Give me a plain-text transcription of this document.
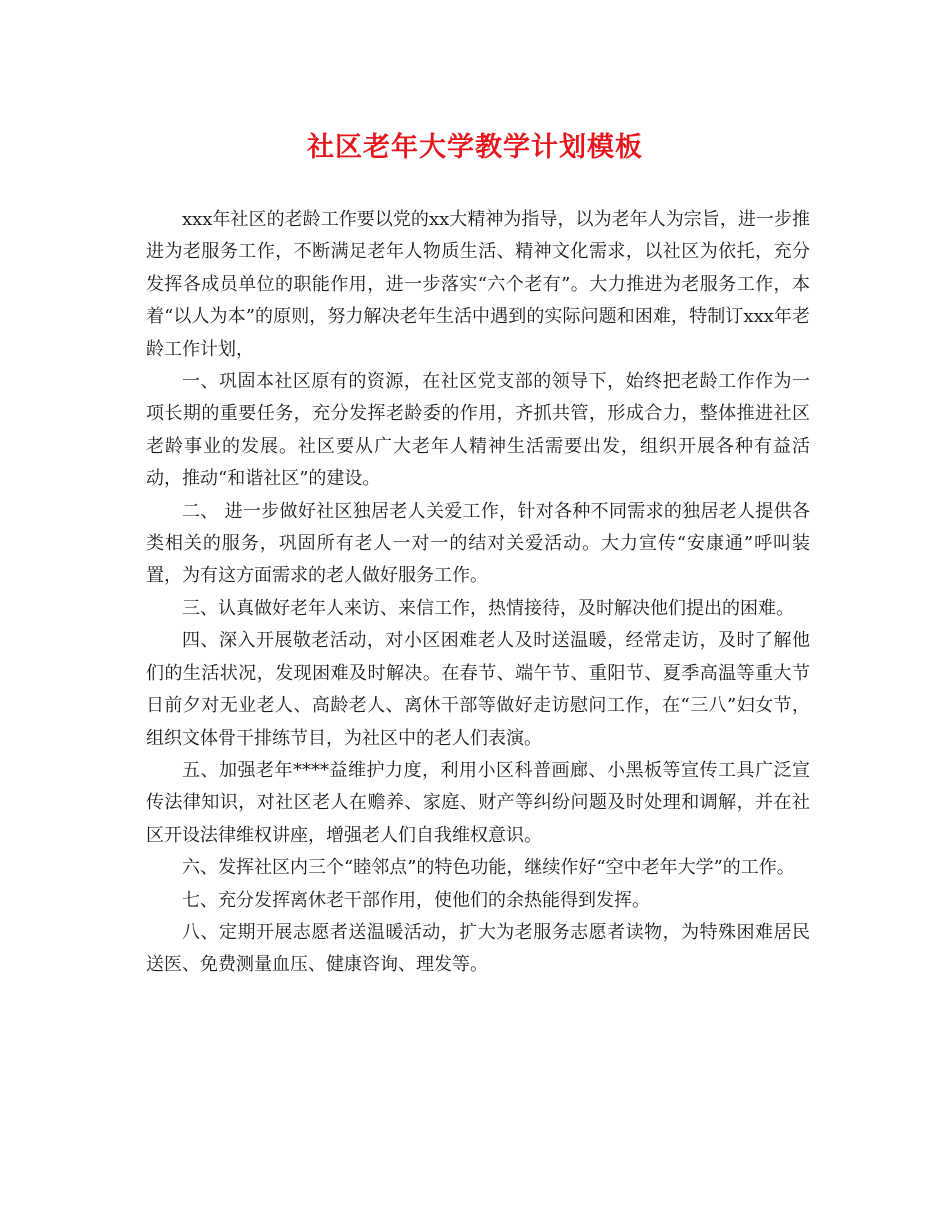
社区老年大学教学计划模板

xxx年社区的老龄工作要以党的xx大精神为指导，以为老年人为宗旨，进一步推进为老服务工作，不断满足老年人物质生活、精神文化需求，以社区为依托，充分发挥各成员单位的职能作用，进一步落实“六个老有”。大力推进为老服务工作，本着“以人为本”的原则，努力解决老年生活中遇到的实际问题和困难，特制订xxx年老龄工作计划，

一、巩固本社区原有的资源，在社区党支部的领导下，始终把老龄工作作为一项长期的重要任务，充分发挥老龄委的作用，齐抓共管，形成合力，整体推进社区老龄事业的发展。社区要从广大老年人精神生活需要出发，组织开展各种有益活动，推动“和谐社区”的建设。

二、 进一步做好社区独居老人关爱工作，针对各种不同需求的独居老人提供各类相关的服务，巩固所有老人一对一的结对关爱活动。大力宣传“安康通”呼叫装置，为有这方面需求的老人做好服务工作。

三、认真做好老年人来访、来信工作，热情接待，及时解决他们提出的困难。

四、深入开展敬老活动，对小区困难老人及时送温暖，经常走访，及时了解他们的生活状况，发现困难及时解决。在春节、端午节、重阳节、夏季高温等重大节日前夕对无业老人、高龄老人、离休干部等做好走访慰问工作，在“三八”妇女节，组织文体骨干排练节目，为社区中的老人们表演。

五、加强老年****益维护力度，利用小区科普画廊、小黑板等宣传工具广泛宣传法律知识，对社区老人在赡养、家庭、财产等纠纷问题及时处理和调解，并在社区开设法律维权讲座，增强老人们自我维权意识。

六、发挥社区内三个“睦邻点”的特色功能，继续作好“空中老年大学”的工作。

七、充分发挥离休老干部作用，使他们的余热能得到发挥。

八、定期开展志愿者送温暖活动，扩大为老服务志愿者读物，为特殊困难居民送医、免费测量血压、健康咨询、理发等。
